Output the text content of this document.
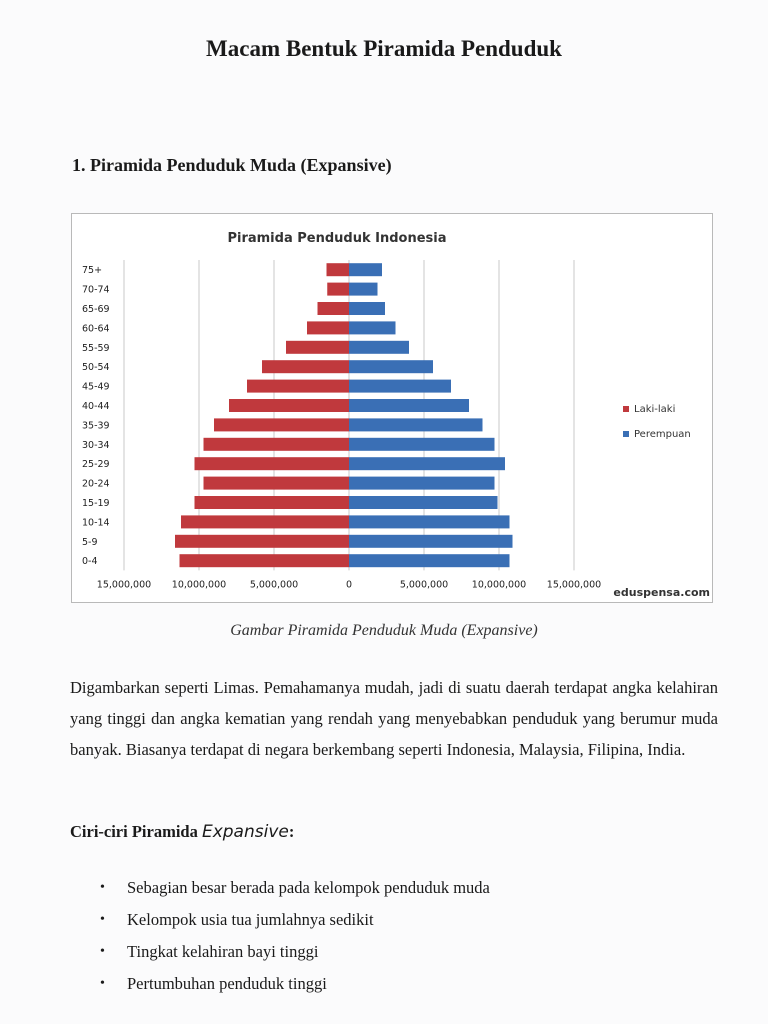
Macam Bentuk Piramida Penduduk
1. Piramida Penduduk Muda (Expansive)
Piramida Penduduk Indonesia
75+
70-74
65-69
60-64
55-59
50-54
45-49
40-44
35-39
30-34
25-29
20-24
15-19
10-14
5-9
0-4
15,000,000 10,000,000 5,000,000	0	5,000,000 10,000,000 15,000,000
Laki-laki
Perempuan
eduspensa.com
Gambar Piramida Penduduk Muda (Expansive)

Digambarkan seperti Limas. Pemahamanya mudah, jadi di suatu daerah terdapat angka kelahiran yang tinggi dan angka kematian yang rendah yang menyebabkan penduduk yang berumur muda banyak. Biasanya terdapat di negara berkembang seperti Indonesia, Malaysia, Filipina, India.

Ciri-ciri Piramida Expansive:
• Sebagian besar berada pada kelompok penduduk muda
• Kelompok usia tua jumlahnya sedikit
• Tingkat kelahiran bayi tinggi
• Pertumbuhan penduduk tinggi
